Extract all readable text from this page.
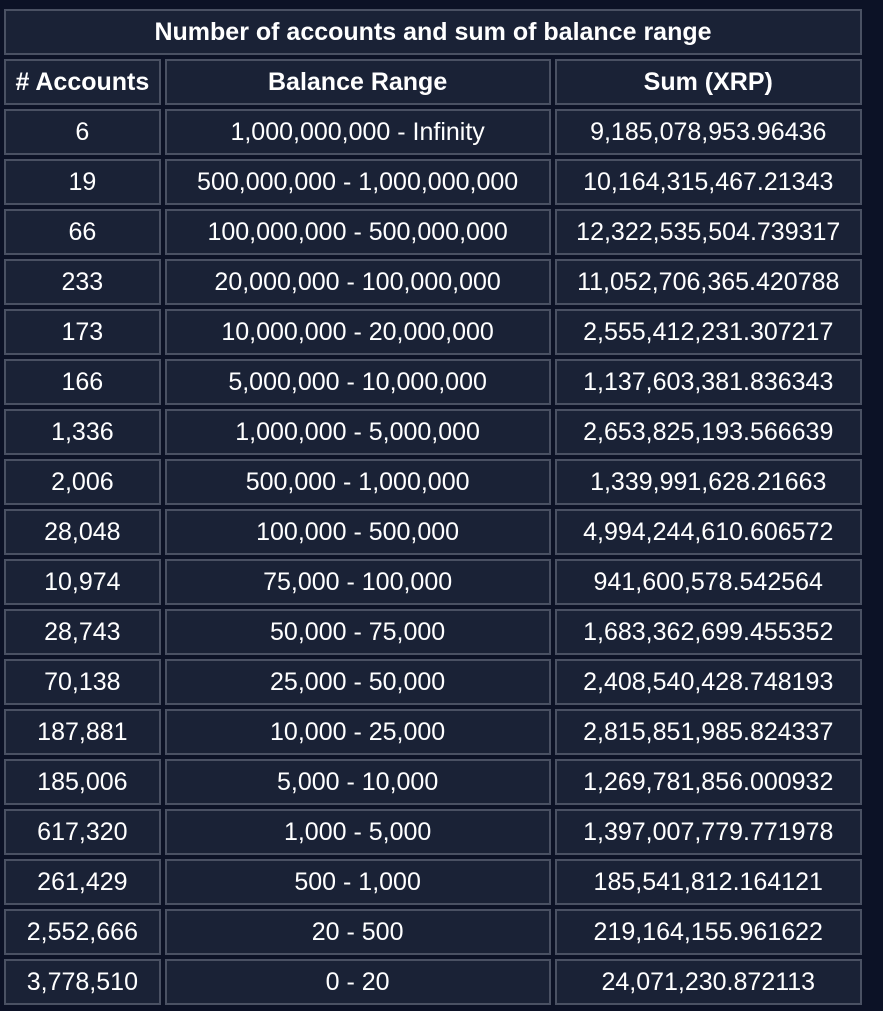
Number of accounts and sum of balance range		
# Accounts	Balance Range	Sum (XRP)
6	1,000,000,000 - Infinity	9,185,078,953.96436
19	500,000,000 - 1,000,000,000	10,164,315,467.21343
66	100,000,000 - 500,000,000	12,322,535,504.739317
233	20,000,000 - 100,000,000	11,052,706,365.420788
173	10,000,000 - 20,000,000	2,555,412,231.307217
166	5,000,000 - 10,000,000	1,137,603,381.836343
1,336	1,000,000 - 5,000,000	2,653,825,193.566639
2,006	500,000 - 1,000,000	1,339,991,628.21663
28,048	100,000 - 500,000	4,994,244,610.606572
10,974	75,000 - 100,000	941,600,578.542564
28,743	50,000 - 75,000	1,683,362,699.455352
70,138	25,000 - 50,000	2,408,540,428.748193
187,881	10,000 - 25,000	2,815,851,985.824337
185,006	5,000 - 10,000	1,269,781,856.000932
617,320	1,000 - 5,000	1,397,007,779.771978
261,429	500 - 1,000	185,541,812.164121
2,552,666	20 - 500	219,164,155.961622
3,778,510	0 - 20	24,071,230.872113
